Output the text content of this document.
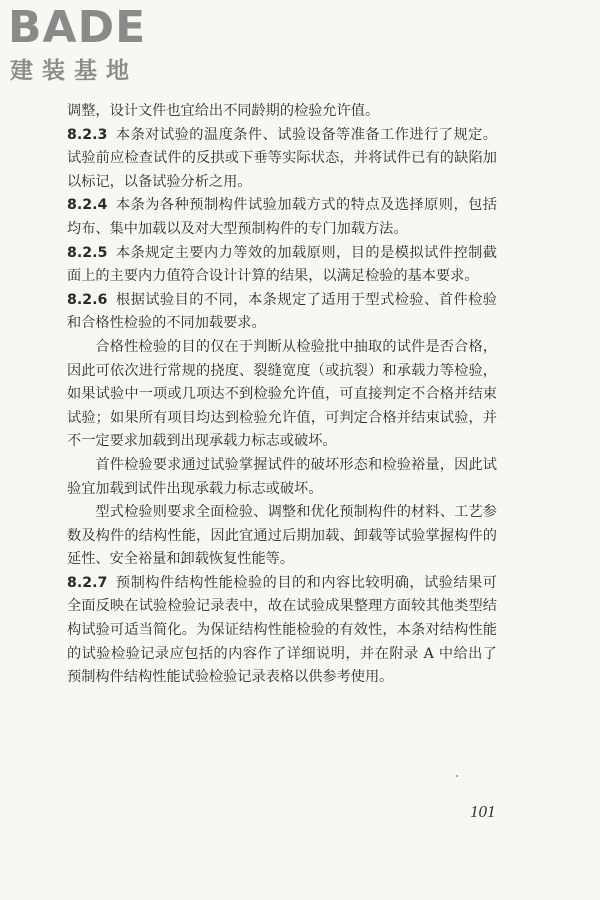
BADE
建装基地

调整，设计文件也宜给出不同龄期的检验允许值。

8.2.3 本条对试验的温度条件、试验设备等准备工作进行了规定。试验前应检查试件的反拱或下垂等实际状态，并将试件已有的缺陷加以标记，以备试验分析之用。

8.2.4 本条为各种预制构件试验加载方式的特点及选择原则，包括均布、集中加载以及对大型预制构件的专门加载方法。

8.2.5 本条规定主要内力等效的加载原则，目的是模拟试件控制截面上的主要内力值符合设计计算的结果，以满足检验的基本要求。

8.2.6 根据试验目的不同，本条规定了适用于型式检验、首件检验和合格性检验的不同加载要求。

合格性检验的目的仅在于判断从检验批中抽取的试件是否合格，因此可依次进行常规的挠度、裂缝宽度（或抗裂）和承载力等检验，如果试验中一项或几项达不到检验允许值，可直接判定不合格并结束试验；如果所有项目均达到检验允许值，可判定合格并结束试验，并不一定要求加载到出现承载力标志或破坏。

首件检验要求通过试验掌握试件的破坏形态和检验裕量，因此试验宜加载到试件出现承载力标志或破坏。

型式检验则要求全面检验、调整和优化预制构件的材料、工艺参数及构件的结构性能，因此宜通过后期加载、卸载等试验掌握构件的延性、安全裕量和卸载恢复性能等。

8.2.7 预制构件结构性能检验的目的和内容比较明确，试验结果可全面反映在试验检验记录表中，故在试验成果整理方面较其他类型结构试验可适当简化。为保证结构性能检验的有效性，本条对结构性能的试验检验记录应包括的内容作了详细说明，并在附录 A 中给出了预制构件结构性能试验检验记录表格以供参考使用。

101
